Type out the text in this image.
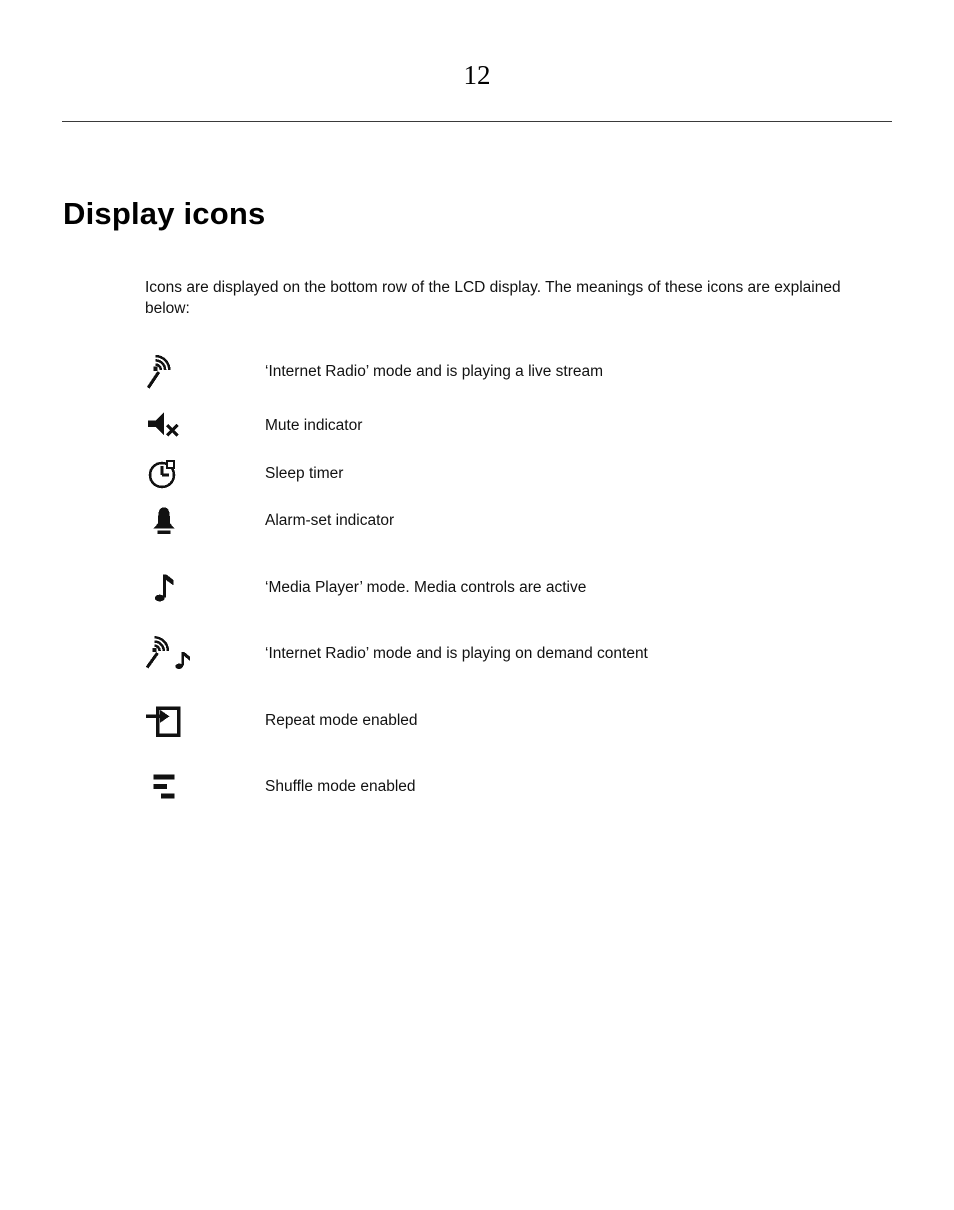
12
Display icons

Icons are displayed on the bottom row of the LCD display. The meanings of these icons are explained below:

‘Internet Radio’ mode and is playing a live stream
Mute indicator
Sleep timer
Alarm-set indicator
‘Media Player’ mode. Media controls are active
‘Internet Radio’ mode and is playing on demand content
Repeat mode enabled
Shuffle mode enabled
